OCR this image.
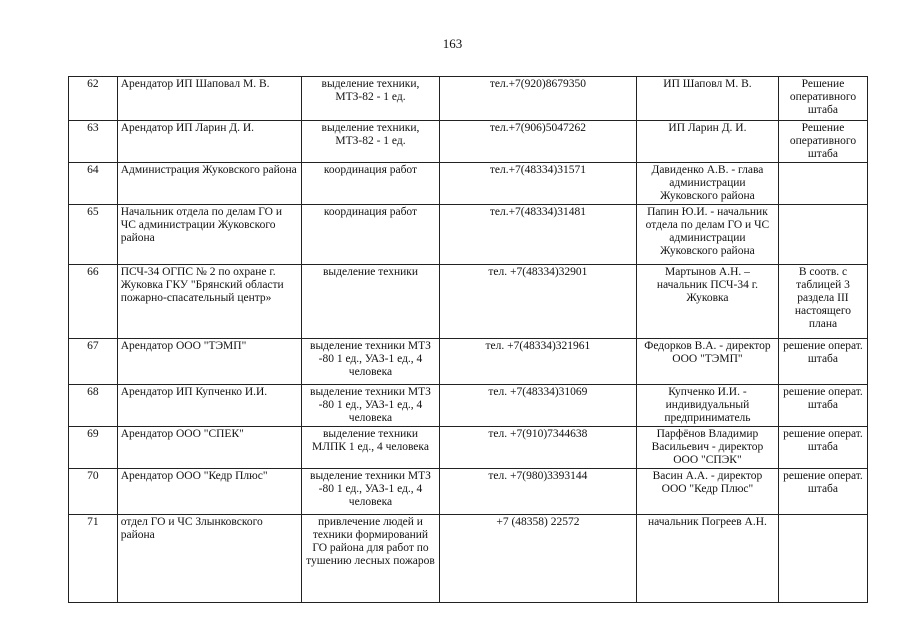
163
62	Арендатор ИП Шаповал М. В.	выделение техники, МТЗ-82 - 1 ед.	тел.+7(920)8679350	ИП Шаповл М. В.	Решение оперативного штаба
63	Арендатор ИП Ларин Д. И.	выделение техники, МТЗ-82 - 1 ед.	тел.+7(906)5047262	ИП Ларин Д. И.	Решение оперативного штаба
64	Администрация Жуковского района	координация работ	тел.+7(48334)31571	Давиденко А.В. - глава администрации Жуковского района	
65	Начальник отдела по делам ГО и ЧС администрации Жуковского района	координация работ	тел.+7(48334)31481	Папин Ю.И. - начальник отдела по делам ГО и ЧС администрации Жуковского района	
66	ПСЧ-34 ОГПС № 2 по охране г. Жуковка ГКУ "Брянский области пожарно-спасательный центр»	выделение техники	тел. +7(48334)32901	Мартынов А.Н. – начальник ПСЧ-34 г. Жуковка	В соотв. с таблицей 3 раздела III настоящего плана
67	Арендатор ООО "ТЭМП"	выделение техники МТЗ -80 1 ед., УАЗ-1 ед., 4 человека	тел. +7(48334)321961	Федорков В.А. - директор ООО "ТЭМП"	решение операт. штаба
68	Арендатор ИП Купченко И.И.	выделение техники МТЗ -80 1 ед., УАЗ-1 ед., 4 человека	тел. +7(48334)31069	Купченко И.И. - индивидуальный предприниматель	решение операт. штаба
69	Арендатор ООО "СПЕК"	выделение техники МЛПК 1 ед., 4 человека	тел. +7(910)7344638	Парфёнов Владимир Васильевич - директор ООО "СПЭК"	решение операт. штаба
70	Арендатор ООО "Кедр Плюс"	выделение техники МТЗ -80 1 ед., УАЗ-1 ед., 4 человека	тел. +7(980)3393144	Васин А.А. - директор ООО "Кедр Плюс"	решение операт. штаба
71	отдел ГО и ЧС Злынковского района	привлечение людей и техники формирований ГО района для работ по тушению лесных пожаров	+7 (48358) 22572	начальник Погреев А.Н.	
